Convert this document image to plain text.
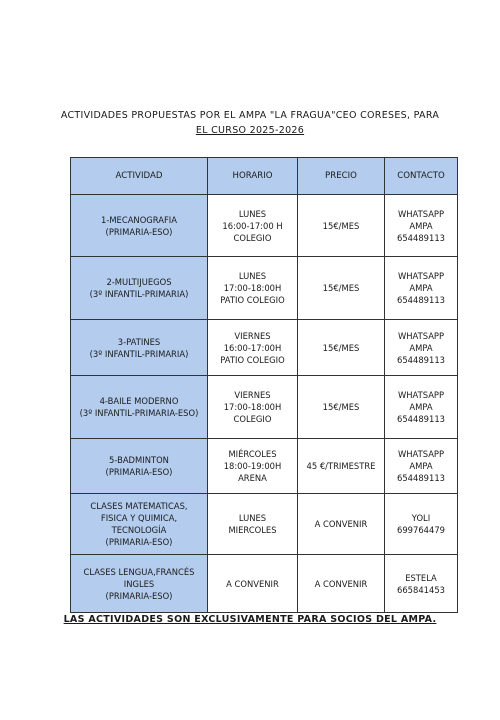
ACTIVIDADES PROPUESTAS POR EL AMPA "LA FRAGUA"CEO CORESES, PARA
EL CURSO 2025-2026
ACTIVIDAD	HORARIO	PRECIO	CONTACTO

1-MECANOGRAFIA
(PRIMARIA-ESO)	LUNES
16:00-17:00 H
COLEGIO	15€/MES	WHATSAPP
AMPA
654489113

2-MULTIJUEGOS
(3º INFANTIL-PRIMARIA)	LUNES
17:00-18:00H
PATIO COLEGIO	15€/MES	WHATSAPP
AMPA
654489113

3-PATINES
(3º INFANTIL-PRIMARIA)	VIERNES
16:00-17:00H
PATIO COLEGIO	15€/MES	WHATSAPP
AMPA
654489113

4-BAILE MODERNO
(3º INFANTIL-PRIMARIA-ESO)	VIERNES
17:00-18:00H
COLEGIO	15€/MES	WHATSAPP
AMPA
654489113

5-BADMINTON
(PRIMARIA-ESO)	MIÉRCOLES
18:00-19:00H
ARENA	45 €/TRIMESTRE	WHATSAPP
AMPA
654489113

CLASES MATEMATICAS,
FISICA Y QUIMICA,
TECNOLOGÍA
(PRIMARIA-ESO)	LUNES
MIERCOLES	A CONVENIR	YOLI
699764479

CLASES LENGUA,FRANCÉS
INGLES
(PRIMARIA-ESO)	A CONVENIR	A CONVENIR	ESTELA
665841453
LAS ACTIVIDADES SON EXCLUSIVAMENTE PARA SOCIOS DEL AMPA.
